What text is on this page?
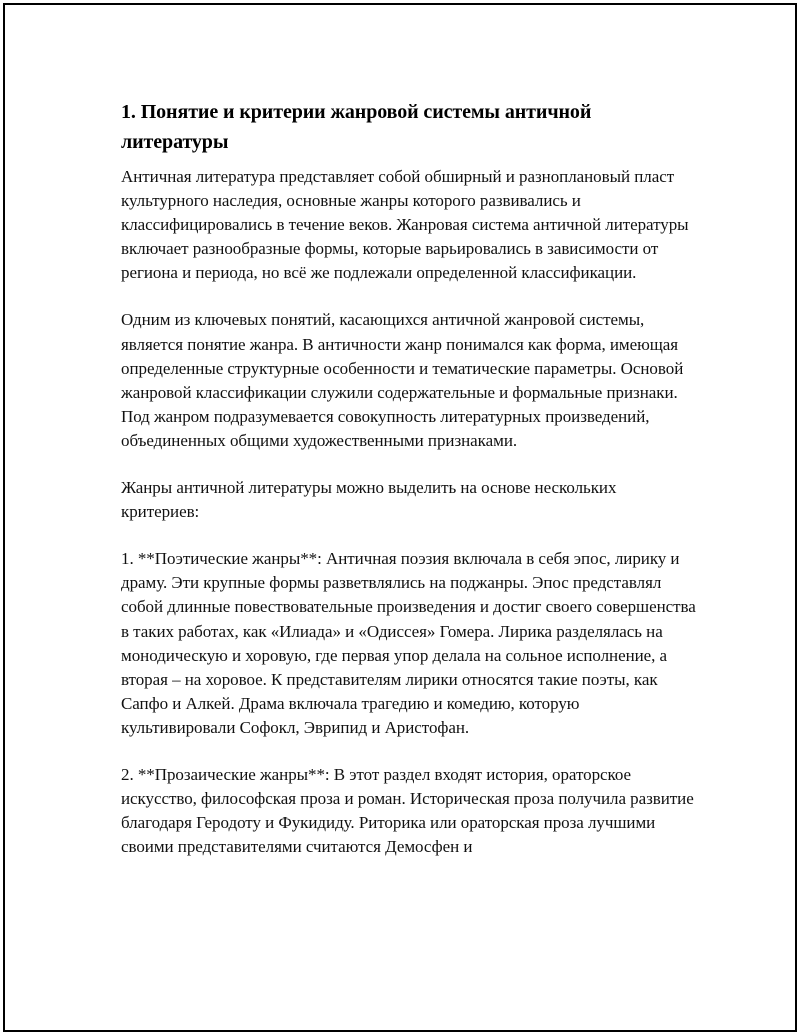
1. Понятие и критерии жанровой системы античной литературы

Античная литература представляет собой обширный и разноплановый пласт культурного наследия, основные жанры которого развивались и классифицировались в течение веков. Жанровая система античной литературы включает разнообразные формы, которые варьировались в зависимости от региона и периода, но всё же подлежали определенной классификации.

Одним из ключевых понятий, касающихся античной жанровой системы, является понятие жанра. В античности жанр понимался как форма, имеющая определенные структурные особенности и тематические параметры. Основой жанровой классификации служили содержательные и формальные признаки. Под жанром подразумевается совокупность литературных произведений, объединенных общими художественными признаками.

Жанры античной литературы можно выделить на основе нескольких критериев:

1. **Поэтические жанры**: Античная поэзия включала в себя эпос, лирику и драму. Эти крупные формы разветвлялись на поджанры. Эпос представлял собой длинные повествовательные произведения и достиг своего совершенства в таких работах, как «Илиада» и «Одиссея» Гомера. Лирика разделялась на монодическую и хоровую, где первая упор делала на сольное исполнение, а вторая – на хоровое. К представителям лирики относятся такие поэты, как Сапфо и Алкей. Драма включала трагедию и комедию, которую культивировали Софокл, Эврипид и Аристофан.

2. **Прозаические жанры**: В этот раздел входят история, ораторское искусство, философская проза и роман. Историческая проза получила развитие благодаря Геродоту и Фукидиду. Риторика или ораторская проза лучшими своими представителями считаются Демосфен и
